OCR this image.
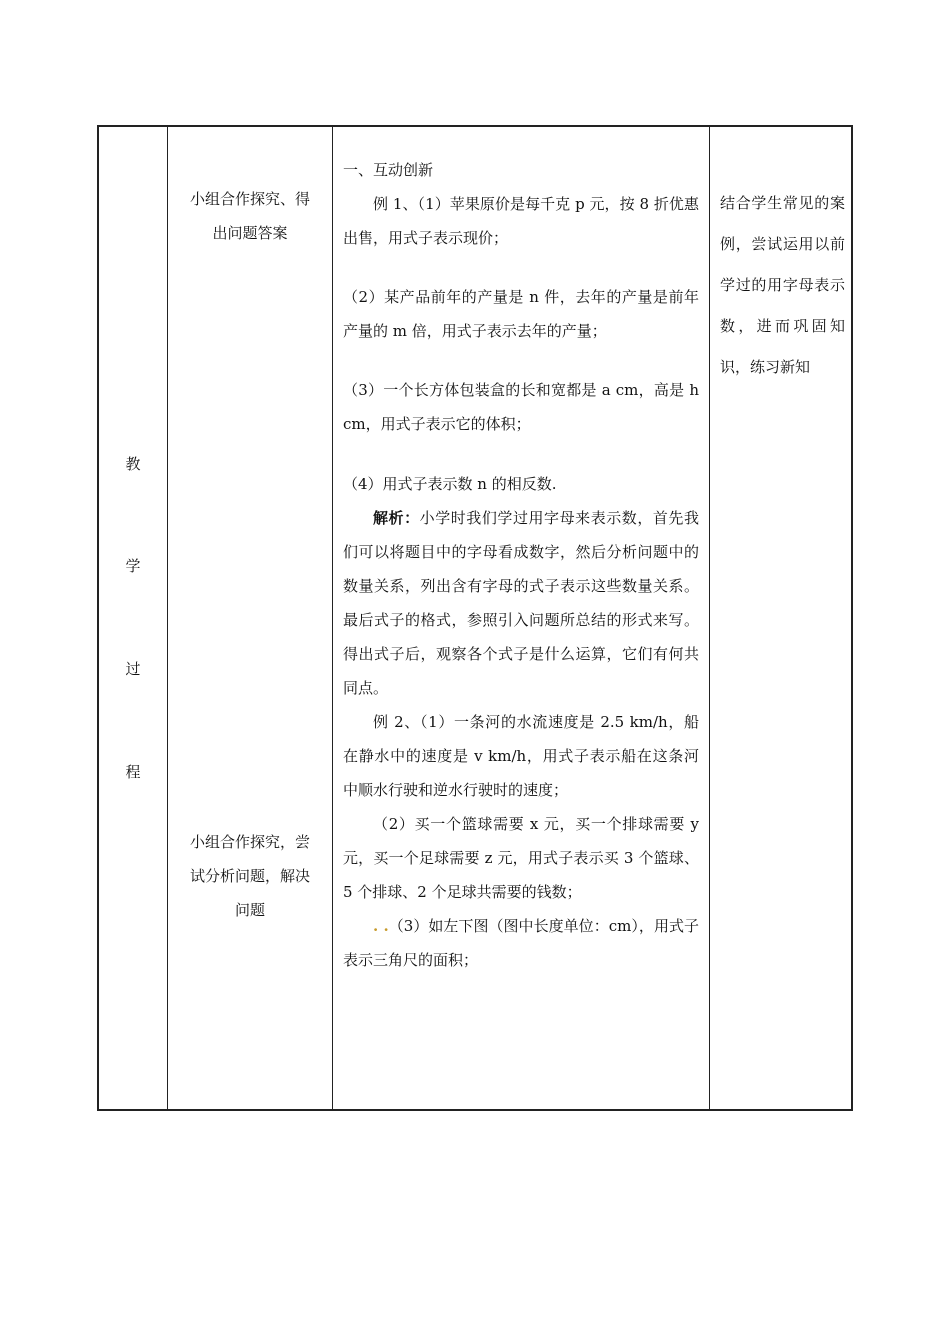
教
学
过
程

小组合作探究、得

出问题答案

小组合作探究，尝

试分析问题，解决

问题

一、互动创新

例 1、（1）苹果原价是每千克 p 元，按 8 折优惠出售，用式子表示现价；

（2）某产品前年的产量是 n 件，去年的产量是前年产量的 m 倍，用式子表示去年的产量；

（3）一个长方体包装盒的长和宽都是 a cm，高是 h cm，用式子表示它的体积；

（4）用式子表示数 n 的相反数.

解析：小学时我们学过用字母来表示数，首先我们可以将题目中的字母看成数字，然后分析问题中的数量关系，列出含有字母的式子表示这些数量关系。最后式子的格式，参照引入问题所总结的形式来写。得出式子后，观察各个式子是什么运算，它们有何共同点。

例 2、（1）一条河的水流速度是 2.5 km/h，船在静水中的速度是 v km/h，用式子表示船在这条河中顺水行驶和逆水行驶时的速度；

（2）买一个篮球需要 x 元，买一个排球需要 y 元，买一个足球需要 z 元，用式子表示买 3 个篮球、5 个排球、2 个足球共需要的钱数；

. .（3）如左下图（图中长度单位：cm），用式子表示三角尺的面积；

结合学生常见的案例，尝试运用以前学过的用字母表示数，进而巩固知识，练习新知
